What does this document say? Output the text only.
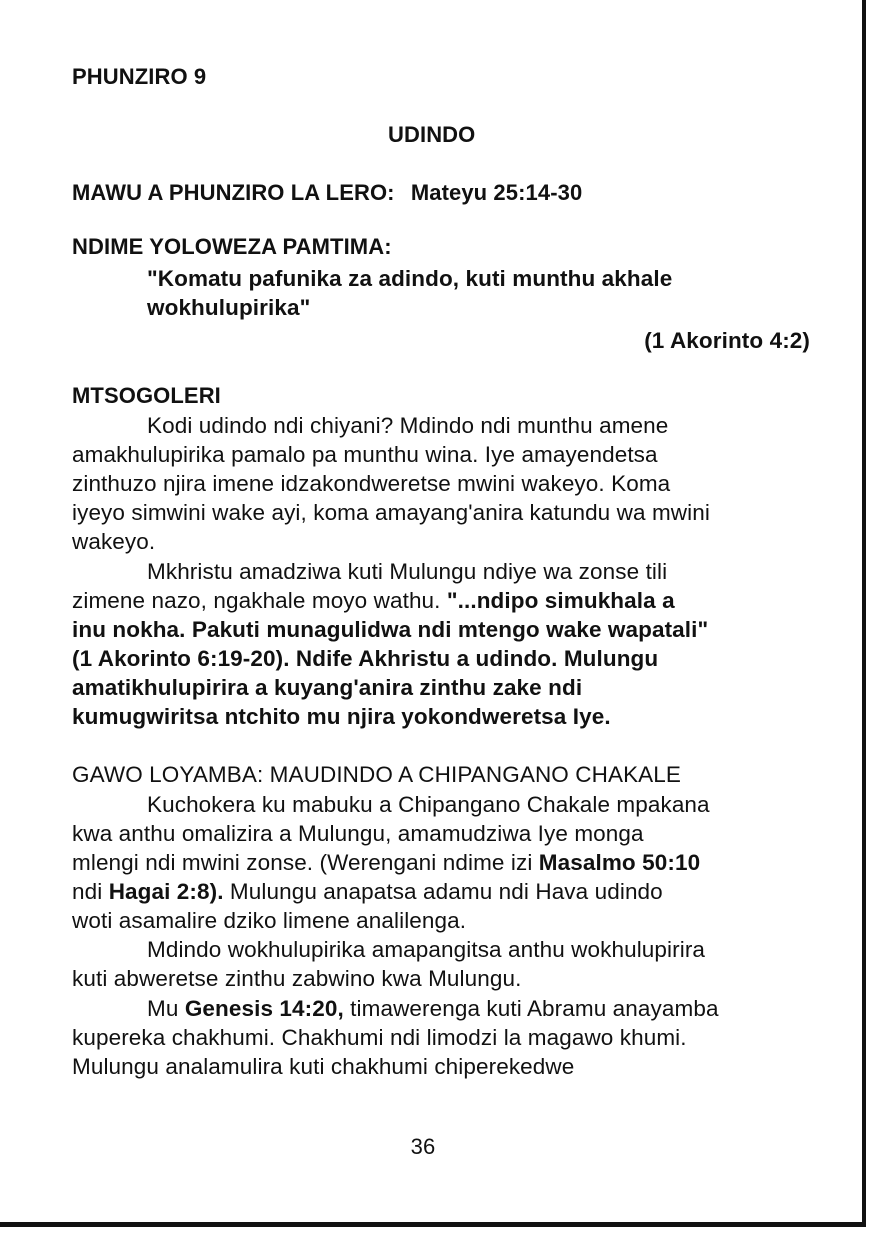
PHUNZIRO 9
UDINDO
MAWU A PHUNZIRO LA LERO: Mateyu 25:14-30
NDIME YOLOWEZA PAMTIMA:
"Komatu pafunika za adindo, kuti munthu akhale
wokhulupirika"
(1 Akorinto 4:2)
MTSOGOLERI
Kodi udindo ndi chiyani? Mdindo ndi munthu amene
amakhulupirika pamalo pa munthu wina. Iye amayendetsa
zinthuzo njira imene idzakondweretse mwini wakeyo. Koma
iyeyo simwini wake ayi, koma amayang'anira katundu wa mwini
wakeyo.
Mkhristu amadziwa kuti Mulungu ndiye wa zonse tili
zimene nazo, ngakhale moyo wathu. "...ndipo simukhala a
inu nokha. Pakuti munagulidwa ndi mtengo wake wapatali"
(1 Akorinto 6:19-20). Ndife Akhristu a udindo. Mulungu
amatikhulupirira a kuyang'anira zinthu zake ndi
kumugwiritsa ntchito mu njira yokondweretsa Iye.
GAWO LOYAMBA: MAUDINDO A CHIPANGANO CHAKALE
Kuchokera ku mabuku a Chipangano Chakale mpakana
kwa anthu omalizira a Mulungu, amamudziwa Iye monga
mlengi ndi mwini zonse. (Werengani ndime izi Masalmo 50:10
ndi Hagai 2:8). Mulungu anapatsa adamu ndi Hava udindo
woti asamalire dziko limene analilenga.
Mdindo wokhulupirika amapangitsa anthu wokhulupirira
kuti abweretse zinthu zabwino kwa Mulungu.
Mu Genesis 14:20, timawerenga kuti Abramu anayamba
kupereka chakhumi. Chakhumi ndi limodzi la magawo khumi.
Mulungu analamulira kuti chakhumi chiperekedwe
36
